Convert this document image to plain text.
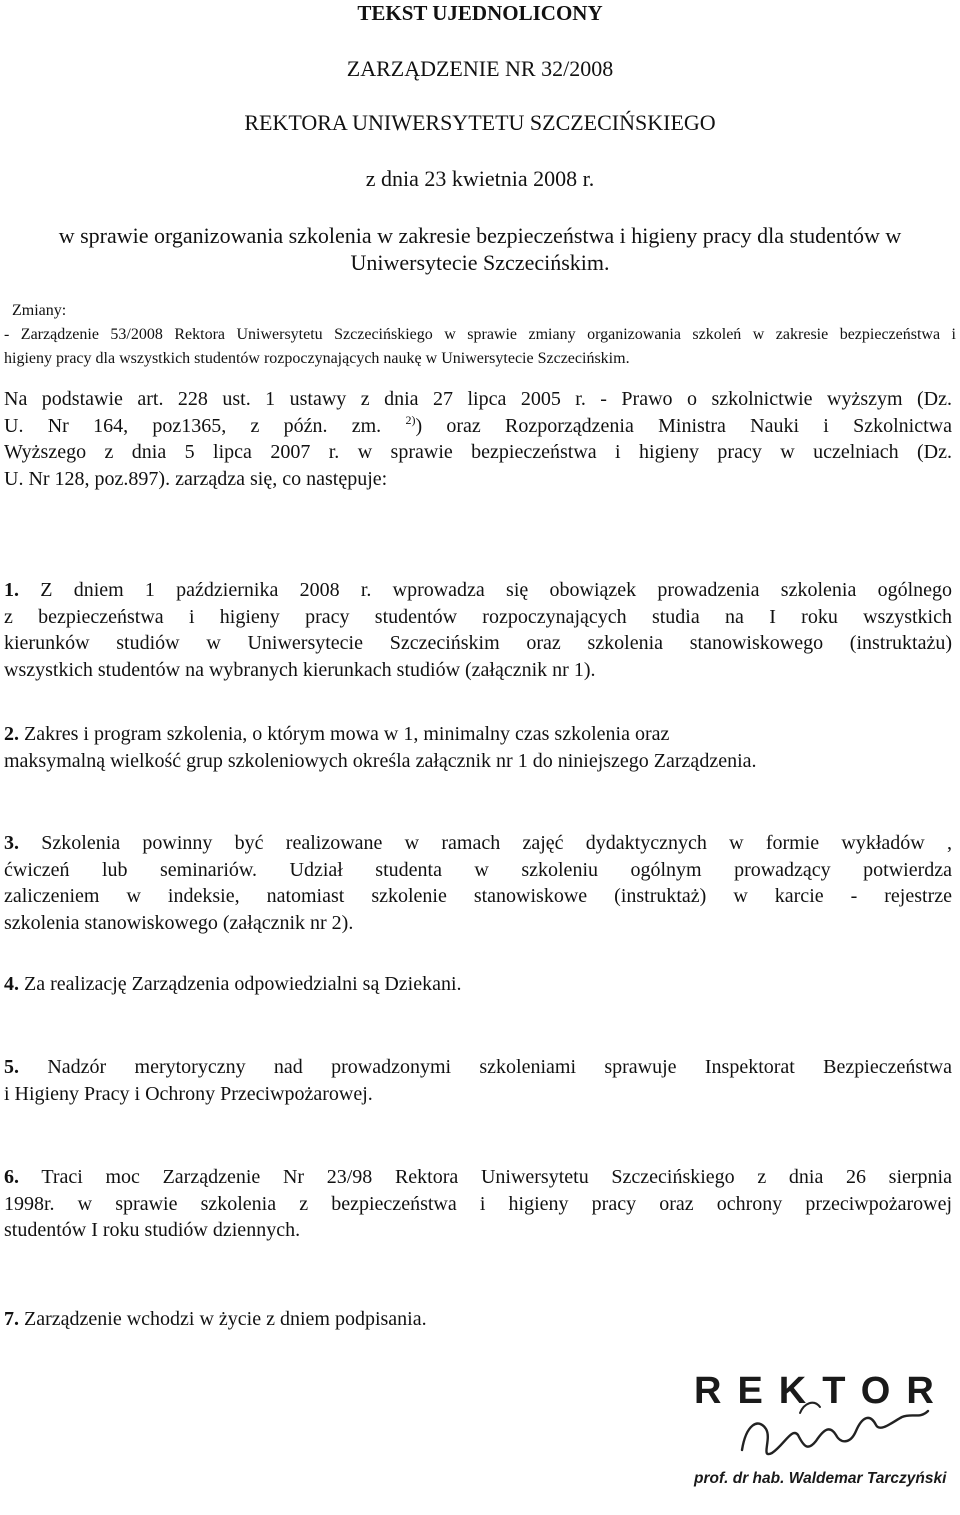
TEKST UJEDNOLICONY
ZARZĄDZENIE NR 32/2008
REKTORA UNIWERSYTETU SZCZECIŃSKIEGO
z dnia 23 kwietnia 2008 r.
w sprawie organizowania szkolenia w zakresie bezpieczeństwa i higieny pracy dla studentów w
Uniwersytecie Szczecińskim.
Zmiany:
- Zarządzenie 53/2008 Rektora Uniwersytetu Szczecińskiego w sprawie zmiany organizowania szkoleń w zakresie bezpieczeństwa i
higieny pracy dla wszystkich studentów rozpoczynających naukę w Uniwersytecie Szczecińskim.
Na podstawie art. 228 ust. 1 ustawy z dnia 27 lipca 2005 r. - Prawo o szkolnictwie wyższym (Dz.
U. Nr 164, poz1365, z późn. zm. $^{2)}$) oraz Rozporządzenia Ministra Nauki i Szkolnictwa
Wyższego z dnia 5 lipca 2007 r. w sprawie bezpieczeństwa i higieny pracy w uczelniach (Dz.
U. Nr 128, poz.897). zarządza się, co następuje:
1. Z dniem 1 października 2008 r. wprowadza się obowiązek prowadzenia szkolenia ogólnego
z bezpieczeństwa i higieny pracy studentów rozpoczynających studia na I roku wszystkich
kierunków studiów w Uniwersytecie Szczecińskim oraz szkolenia stanowiskowego (instruktażu)
wszystkich studentów na wybranych kierunkach studiów (załącznik nr 1).
2. Zakres i program szkolenia, o którym mowa w 1, minimalny czas szkolenia oraz
maksymalną wielkość grup szkoleniowych określa załącznik nr 1 do niniejszego Zarządzenia.
3. Szkolenia powinny być realizowane w ramach zajęć dydaktycznych w formie wykładów ,
ćwiczeń lub seminariów. Udział studenta w szkoleniu ogólnym prowadzący potwierdza
zaliczeniem w indeksie, natomiast szkolenie stanowiskowe (instruktaż) w karcie - rejestrze
szkolenia stanowiskowego (załącznik nr 2).
4. Za realizację Zarządzenia odpowiedzialni są Dziekani.
5. Nadzór merytoryczny nad prowadzonymi szkoleniami sprawuje Inspektorat Bezpieczeństwa
i Higieny Pracy i Ochrony Przeciwpożarowej.
6. Traci moc Zarządzenie Nr 23/98 Rektora Uniwersytetu Szczecińskiego z dnia 26 sierpnia
1998r. w sprawie szkolenia z bezpieczeństwa i higieny pracy oraz ochrony przeciwpożarowej
studentów I roku studiów dziennych.
7. Zarządzenie wchodzi w życie z dniem podpisania.
REKTOR
prof. dr hab. Waldemar Tarczyński
